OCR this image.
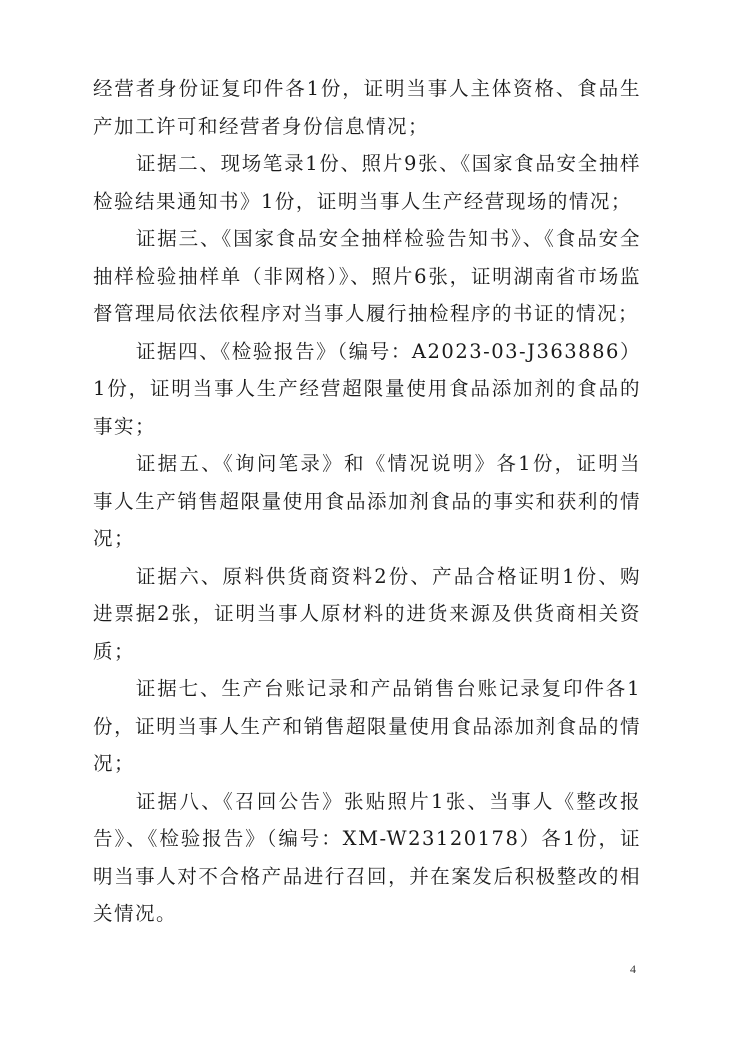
经营者身份证复印件各1份，证明当事人主体资格、食品生产加工许可和经营者身份信息情况；

证据二、现场笔录1份、照片9张、《国家食品安全抽样检验结果通知书》1份，证明当事人生产经营现场的情况；

证据三、《国家食品安全抽样检验告知书》、《食品安全抽样检验抽样单（非网格）》、照片6张，证明湖南省市场监督管理局依法依程序对当事人履行抽检程序的书证的情况；

证据四、《检验报告》（编号：A2023-03-J363886）1份，证明当事人生产经营超限量使用食品添加剂的食品的事实；

证据五、《询问笔录》和《情况说明》各1份，证明当事人生产销售超限量使用食品添加剂食品的事实和获利的情况；

证据六、原料供货商资料2份、产品合格证明1份、购进票据2张，证明当事人原材料的进货来源及供货商相关资质；

证据七、生产台账记录和产品销售台账记录复印件各1份，证明当事人生产和销售超限量使用食品添加剂食品的情况；

证据八、《召回公告》张贴照片1张、当事人《整改报告》、《检验报告》（编号：XM-W23120178）各1份，证明当事人对不合格产品进行召回，并在案发后积极整改的相关情况。

4
